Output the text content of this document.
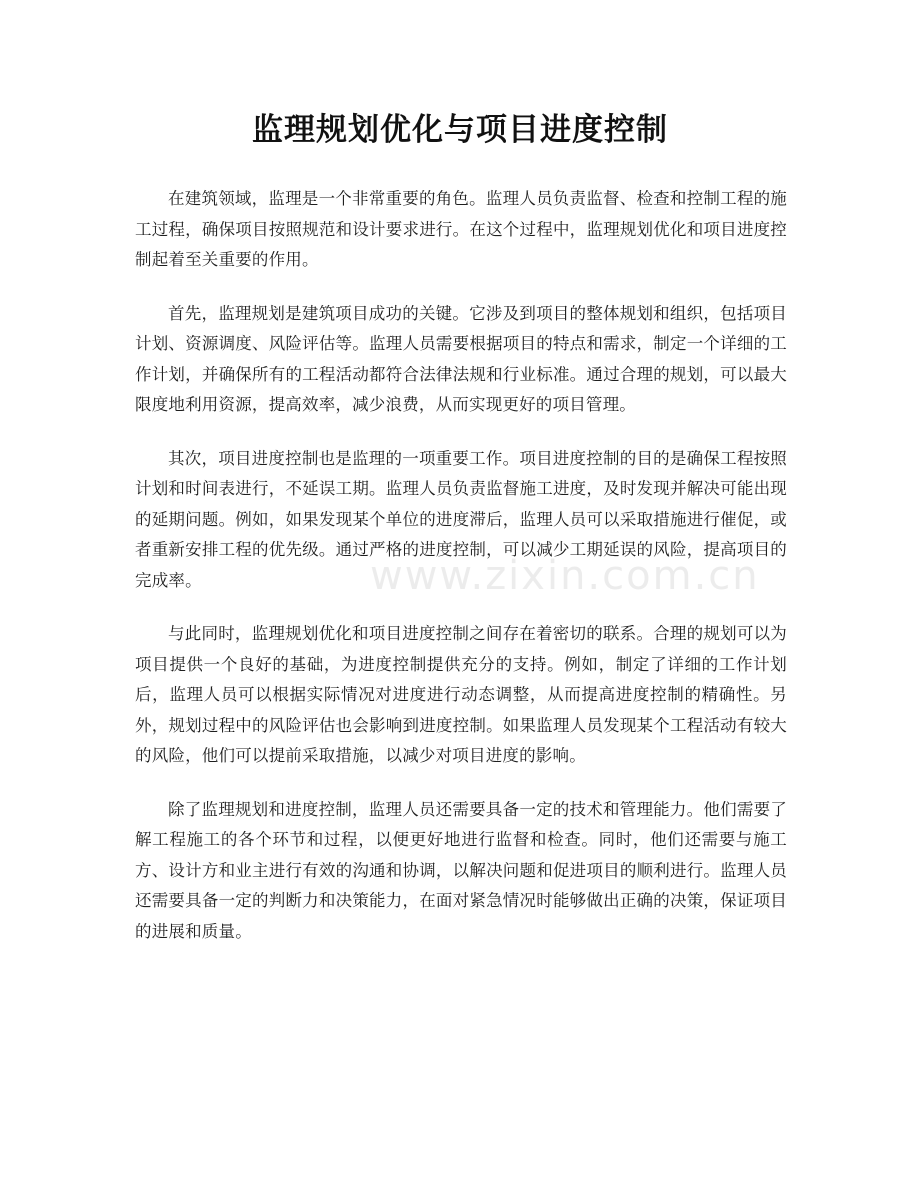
监理规划优化与项目进度控制

在建筑领域，监理是一个非常重要的角色。监理人员负责监督、检查和控制工程的施工过程，确保项目按照规范和设计要求进行。在这个过程中，监理规划优化和项目进度控制起着至关重要的作用。

首先，监理规划是建筑项目成功的关键。它涉及到项目的整体规划和组织，包括项目计划、资源调度、风险评估等。监理人员需要根据项目的特点和需求，制定一个详细的工作计划，并确保所有的工程活动都符合法律法规和行业标准。通过合理的规划，可以最大限度地利用资源，提高效率，减少浪费，从而实现更好的项目管理。

其次，项目进度控制也是监理的一项重要工作。项目进度控制的目的是确保工程按照计划和时间表进行，不延误工期。监理人员负责监督施工进度，及时发现并解决可能出现的延期问题。例如，如果发现某个单位的进度滞后，监理人员可以采取措施进行催促，或者重新安排工程的优先级。通过严格的进度控制，可以减少工期延误的风险，提高项目的完成率。

与此同时，监理规划优化和项目进度控制之间存在着密切的联系。合理的规划可以为项目提供一个良好的基础，为进度控制提供充分的支持。例如，制定了详细的工作计划后，监理人员可以根据实际情况对进度进行动态调整，从而提高进度控制的精确性。另外，规划过程中的风险评估也会影响到进度控制。如果监理人员发现某个工程活动有较大的风险，他们可以提前采取措施，以减少对项目进度的影响。

除了监理规划和进度控制，监理人员还需要具备一定的技术和管理能力。他们需要了解工程施工的各个环节和过程，以便更好地进行监督和检查。同时，他们还需要与施工方、设计方和业主进行有效的沟通和协调，以解决问题和促进项目的顺利进行。监理人员还需要具备一定的判断力和决策能力，在面对紧急情况时能够做出正确的决策，保证项目的进展和质量。

www.zixin.com.cn
